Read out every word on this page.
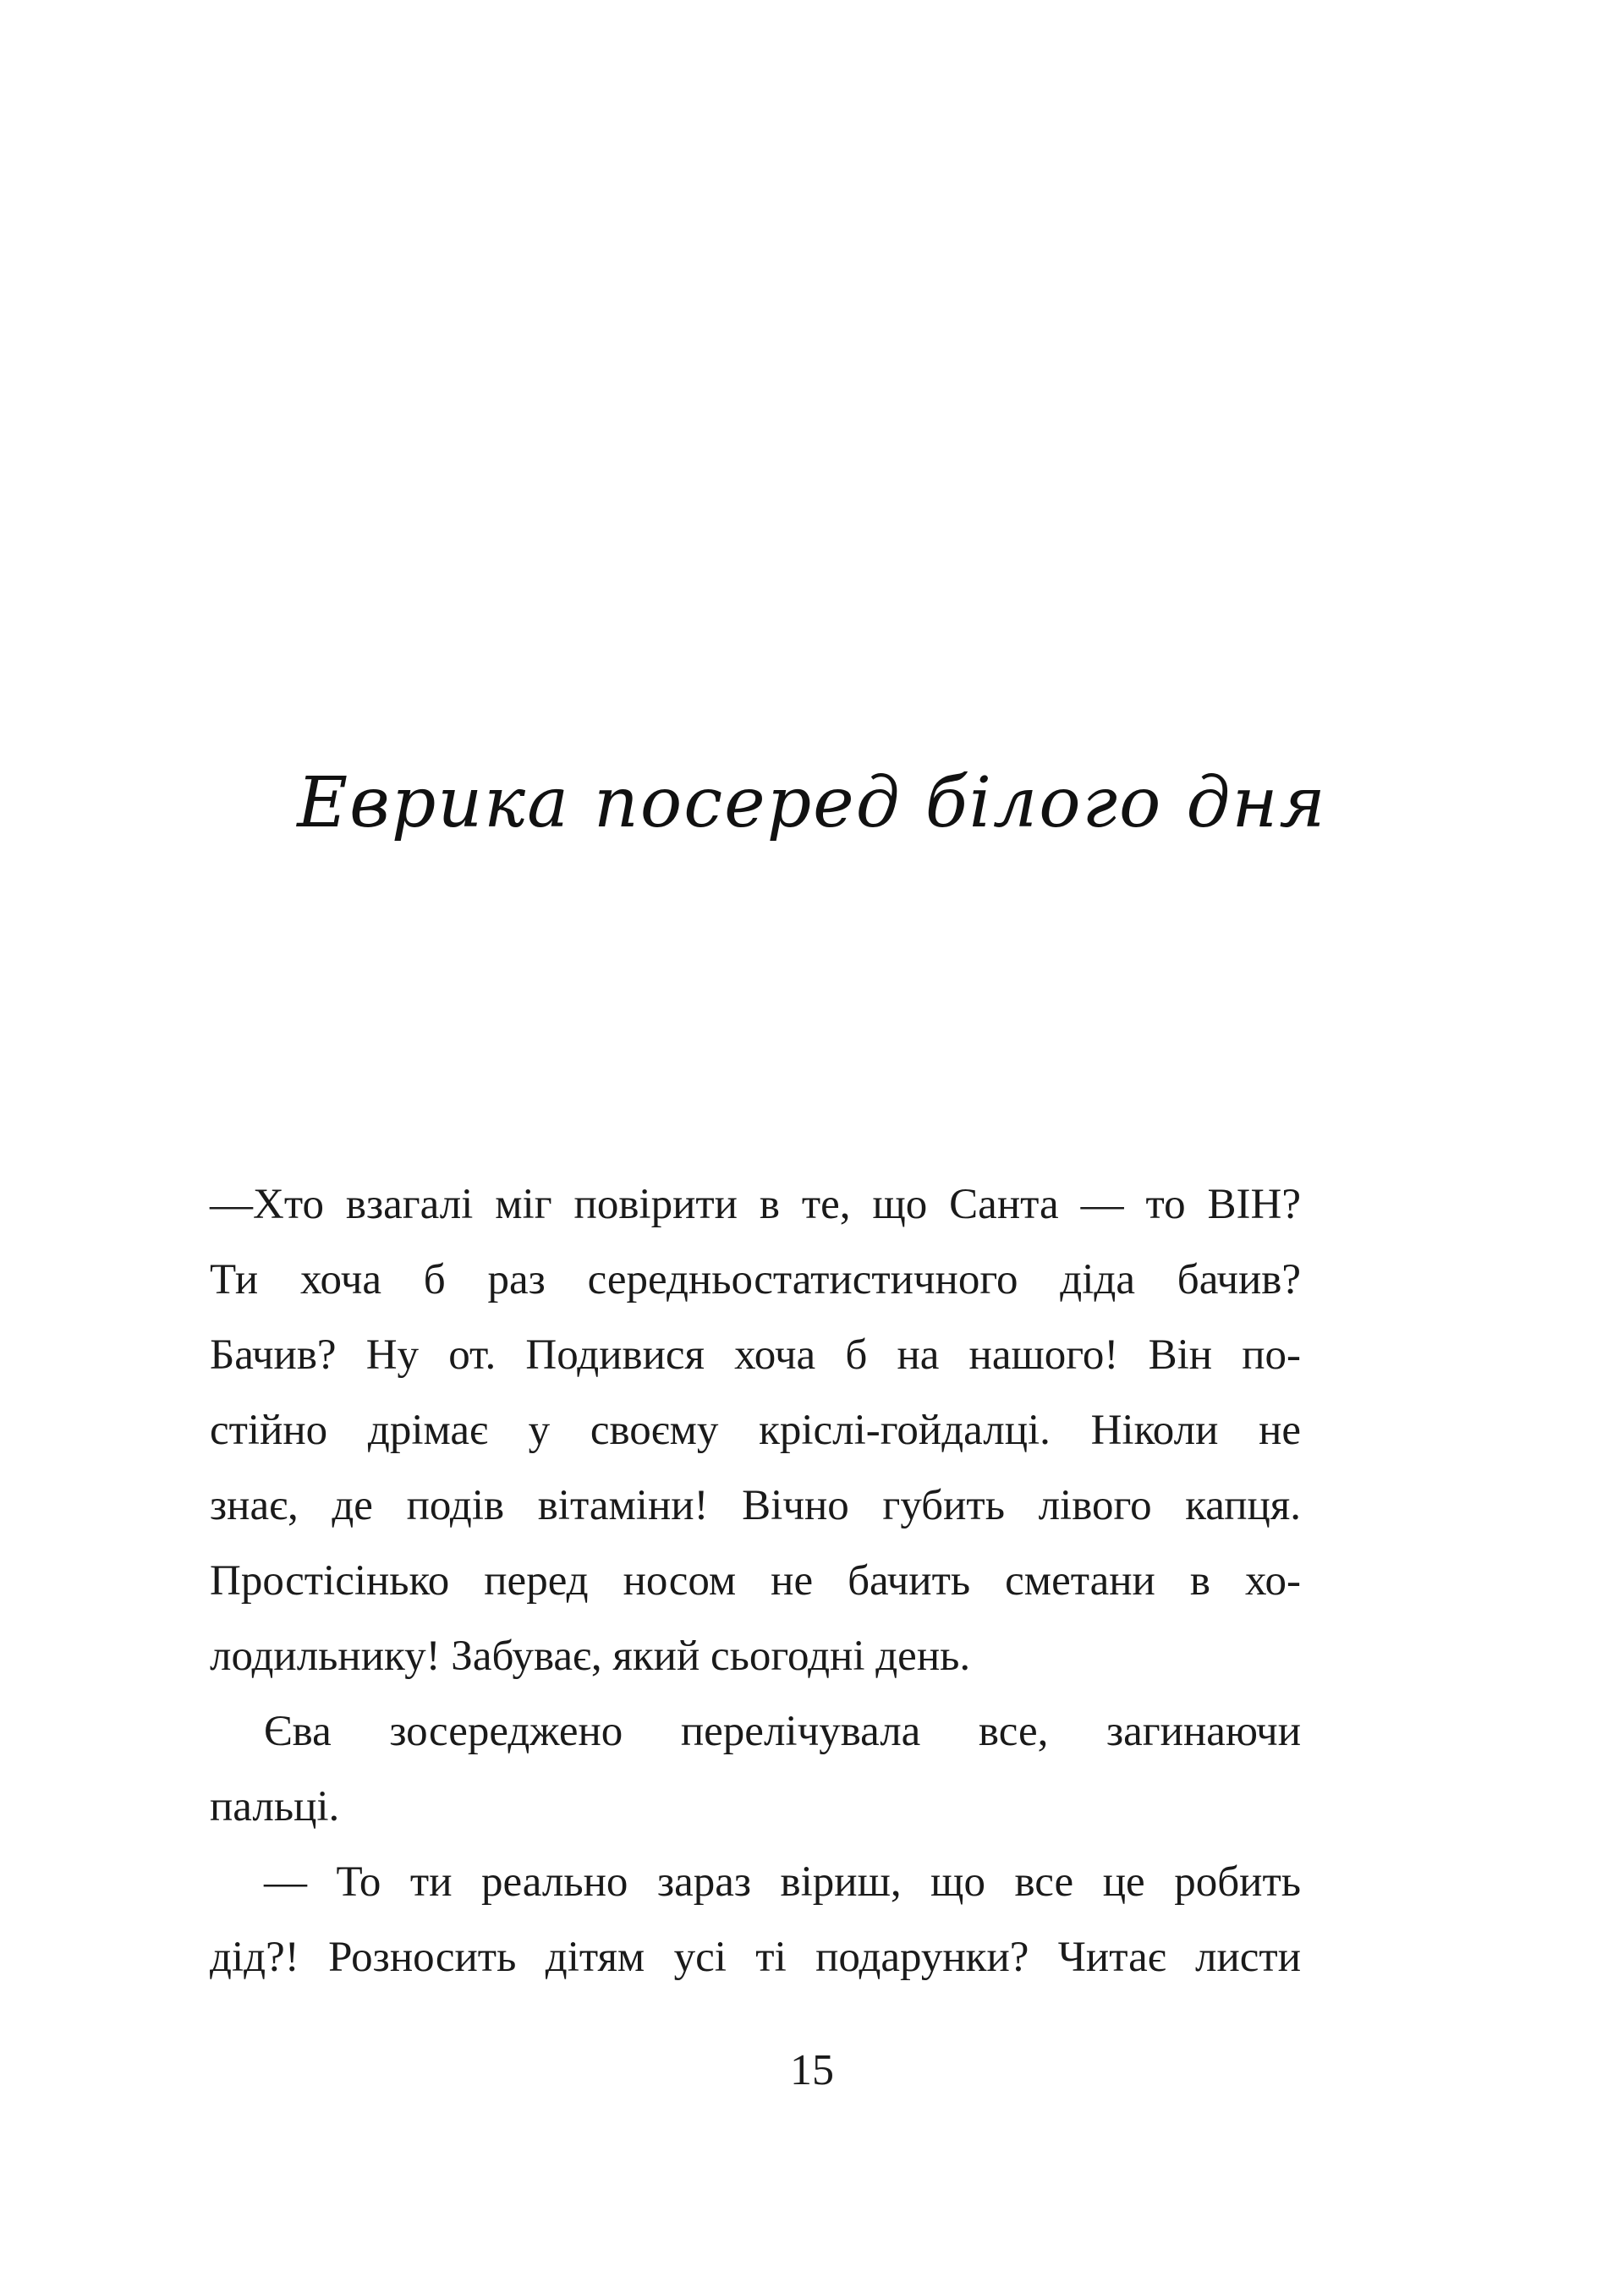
Еврика посеред білого дня
—Хто взагалі міг повірити в те, що Санта — то ВІН?
Ти хоча б раз середньостатистичного діда бачив?
Бачив? Ну от. Подивися хоча б на нашого! Він по-
стійно дрімає у своєму кріслі-гойдалці. Ніколи не
знає, де подів вітаміни! Вічно губить лівого капця.
Простісінько перед носом не бачить сметани в хо-
лодильнику! Забуває, який сьогодні день.
Єва зосереджено перелічувала все, загинаючи
пальці.
— То ти реально зараз віриш, що все це робить
дід?! Розносить дітям усі ті подарунки? Читає листи
15
